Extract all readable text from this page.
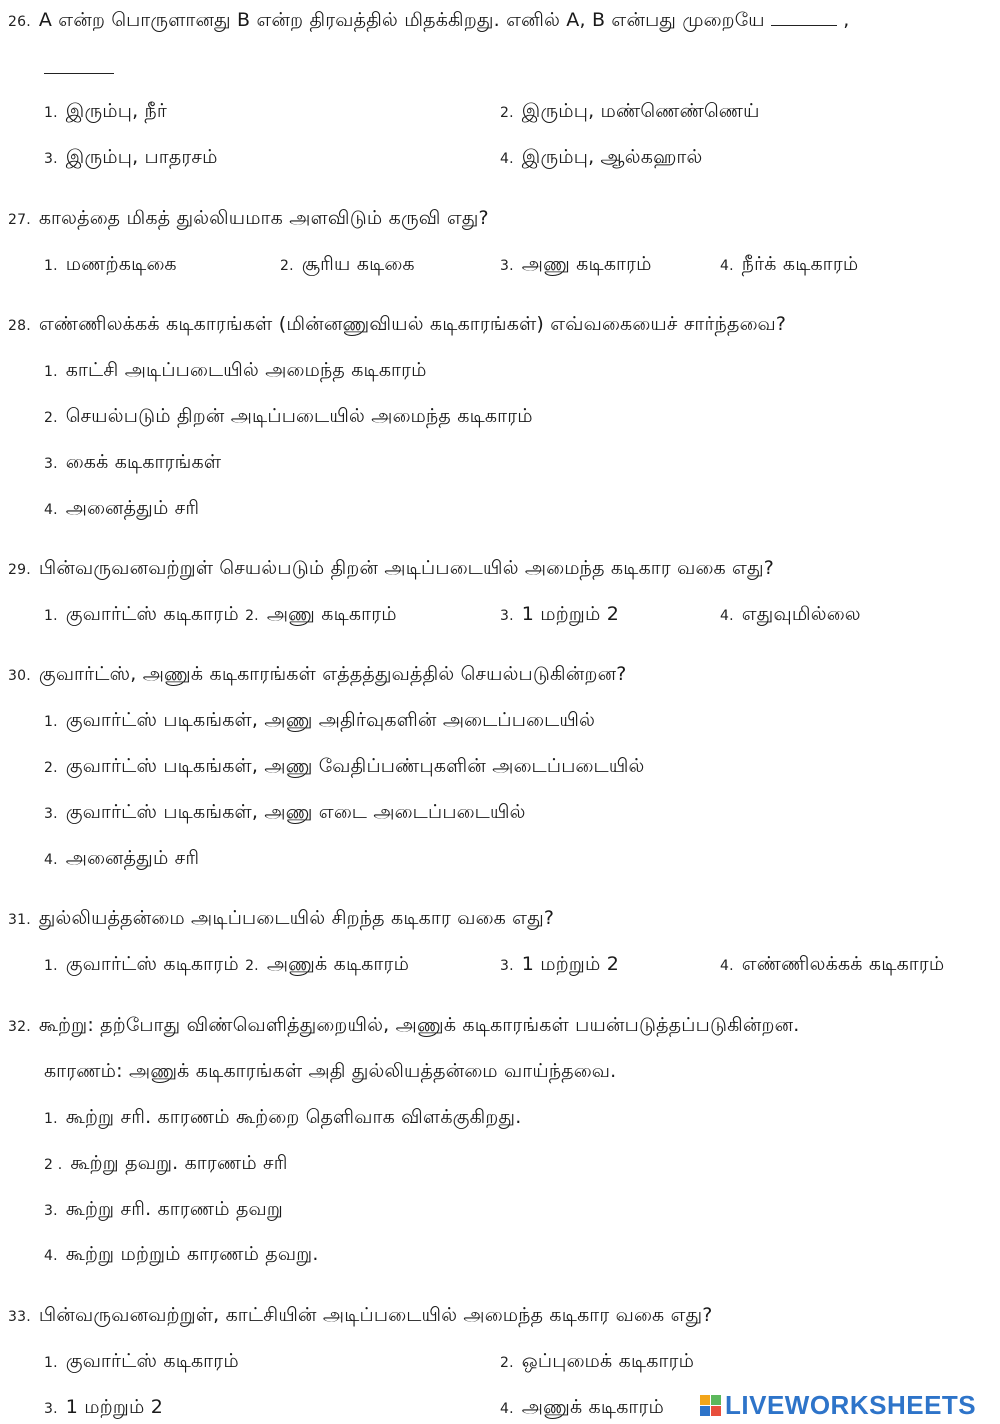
26. A என்ற பொருளானது B என்ற திரவத்தில் மிதக்கிறது. எனில் A, B என்பது முறையே	,
1. இரும்பு, நீர்	2. இரும்பு, மண்ணெண்ணெய்
3. இரும்பு, பாதரசம்	4. இரும்பு, ஆல்கஹால்
27. காலத்தை மிகத் துல்லியமாக அளவிடும் கருவி எது?
1. மணற்கடிகை	2. சூரிய கடிகை	3. அணு கடிகாரம்	4. நீர்க் கடிகாரம்
28. எண்ணிலக்கக் கடிகாரங்கள் (மின்னணுவியல் கடிகாரங்கள்) எவ்வகையைச் சார்ந்தவை?
1. காட்சி அடிப்படையில் அமைந்த கடிகாரம்
2. செயல்படும் திறன் அடிப்படையில் அமைந்த கடிகாரம்
3. கைக் கடிகாரங்கள்
4. அனைத்தும் சரி
29. பின்வருவனவற்றுள் செயல்படும் திறன் அடிப்படையில் அமைந்த கடிகார வகை எது?
1. குவார்ட்ஸ் கடிகாரம் 2. அணு கடிகாரம்	3. 1 மற்றும் 2	4. எதுவுமில்லை
30. குவார்ட்ஸ், அணுக் கடிகாரங்கள் எத்தத்துவத்தில் செயல்படுகின்றன?
1. குவார்ட்ஸ் படிகங்கள், அணு அதிர்வுகளின் அடைப்படையில்
2. குவார்ட்ஸ் படிகங்கள், அணு வேதிப்பண்புகளின் அடைப்படையில்
3. குவார்ட்ஸ் படிகங்கள், அணு எடை அடைப்படையில்
4. அனைத்தும் சரி
31. துல்லியத்தன்மை அடிப்படையில் சிறந்த கடிகார வகை எது?
1. குவார்ட்ஸ் கடிகாரம் 2. அணுக் கடிகாரம்	3. 1 மற்றும் 2	4. எண்ணிலக்கக் கடிகாரம்
32. கூற்று: தற்போது விண்வெளித்துறையில், அணுக் கடிகாரங்கள் பயன்படுத்தப்படுகின்றன.
காரணம்: அணுக் கடிகாரங்கள் அதி துல்லியத்தன்மை வாய்ந்தவை.
1. கூற்று சரி. காரணம் கூற்றை தெளிவாக விளக்குகிறது.
2 . கூற்று தவறு. காரணம் சரி
3. கூற்று சரி. காரணம் தவறு
4. கூற்று மற்றும் காரணம் தவறு.
33. பின்வருவனவற்றுள், காட்சியின் அடிப்படையில் அமைந்த கடிகார வகை எது?
1. குவார்ட்ஸ் கடிகாரம்	2. ஒப்புமைக் கடிகாரம்
3. 1 மற்றும் 2	4. அணுக் கடிகாரம் LIVEWORKSHEETS
